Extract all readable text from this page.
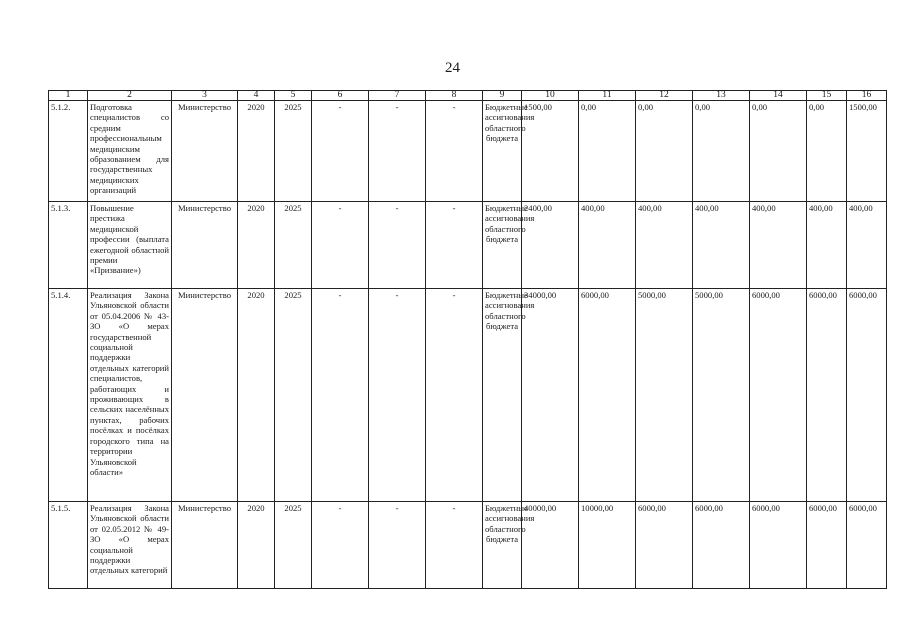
24
1	2	3	4	5	6	7	8	9	10	11	12	13	14	15	16
5.1.2.	Подготовка специалистов со средним профессиональным медицинским образованием для государственных медицинских организаций	Министерство	2020	2025	-	-	-	Бюджетные ассигнования областного бюджета	1500,00	0,00	0,00	0,00	0,00	0,00	1500,00
5.1.3.	Повышение престижа медицинской профессии (выплата ежегодной областной премии «Призвание»)	Министерство	2020	2025	-	-	-	Бюджетные ассигнования областного бюджета	2400,00	400,00	400,00	400,00	400,00	400,00	400,00
5.1.4.	Реализация Закона Ульяновской области от 05.04.2006 № 43-ЗО «О мерах государственной социальной поддержки отдельных категорий специалистов, работающих и проживающих в сельских населённых пунктах, рабочих посёлках и посёлках городского типа на территории Ульяновской области»	Министерство	2020	2025	-	-	-	Бюджетные ассигнования областного бюджета	34000,00	6000,00	5000,00	5000,00	6000,00	6000,00	6000,00
5.1.5.	Реализация Закона Ульяновской области от 02.05.2012 № 49-ЗО «О мерах социальной поддержки отдельных категорий	Министерство	2020	2025	-	-	-	Бюджетные ассигнования областного бюджета	40000,00	10000,00	6000,00	6000,00	6000,00	6000,00	6000,00
